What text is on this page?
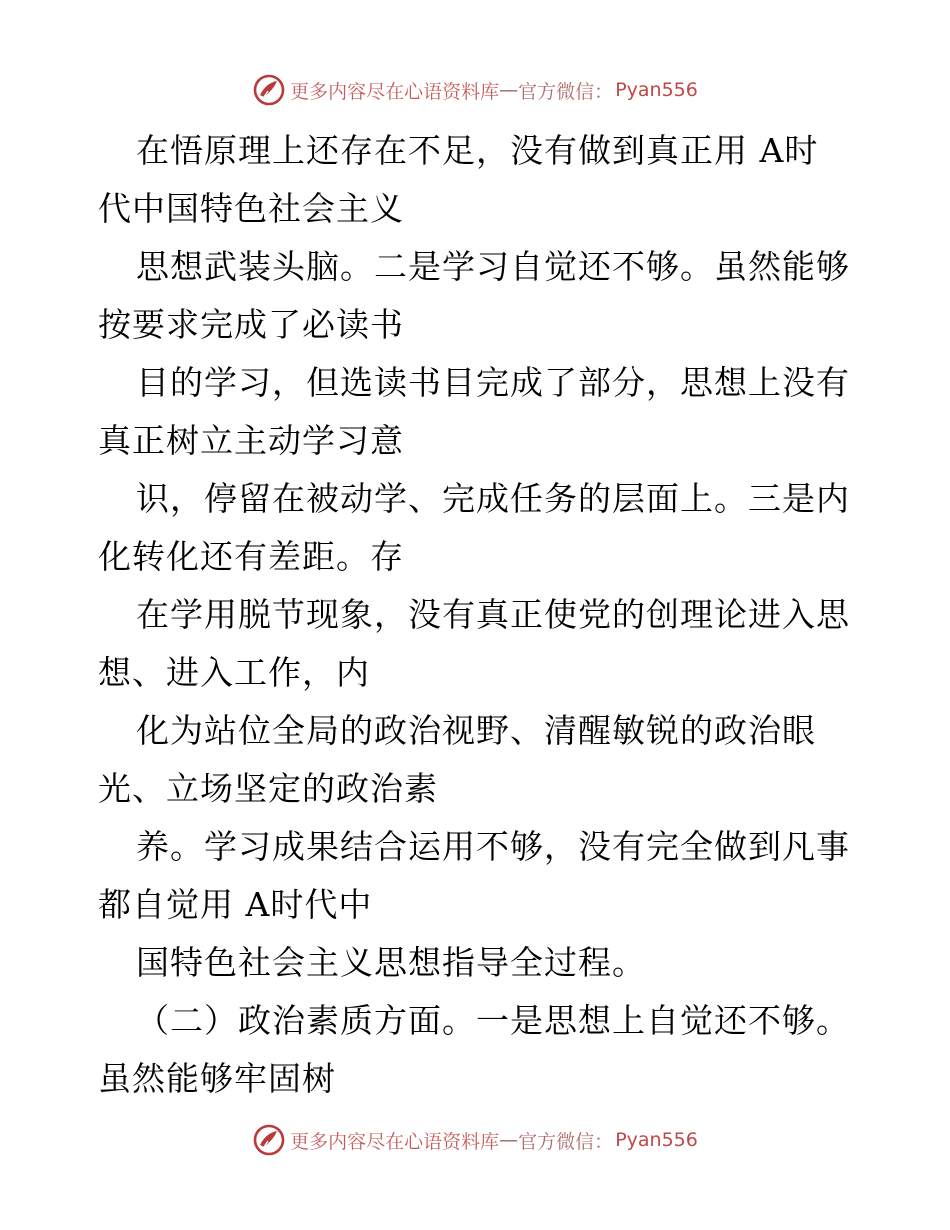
更多内容尽在心语资料库 — 官方微信： Pyan556
在悟原理上还存在不足，没有做到真正用 A时
代中国特色社会主义
思想武装头脑。二是学习自觉还不够。虽然能够
按要求完成了必读书
目的学习，但选读书目完成了部分，思想上没有
真正树立主动学习意
识，停留在被动学、完成任务的层面上。三是内
化转化还有差距。存
在学用脱节现象，没有真正使党的创理论进入思
想、进入工作，内
化为站位全局的政治视野、清醒敏锐的政治眼
光、立场坚定的政治素
养。学习成果结合运用不够，没有完全做到凡事
都自觉用 A时代中
国特色社会主义思想指导全过程。
（二）政治素质方面。一是思想上自觉还不够。
虽然能够牢固树
更多内容尽在心语资料库 — 官方微信： Pyan556
